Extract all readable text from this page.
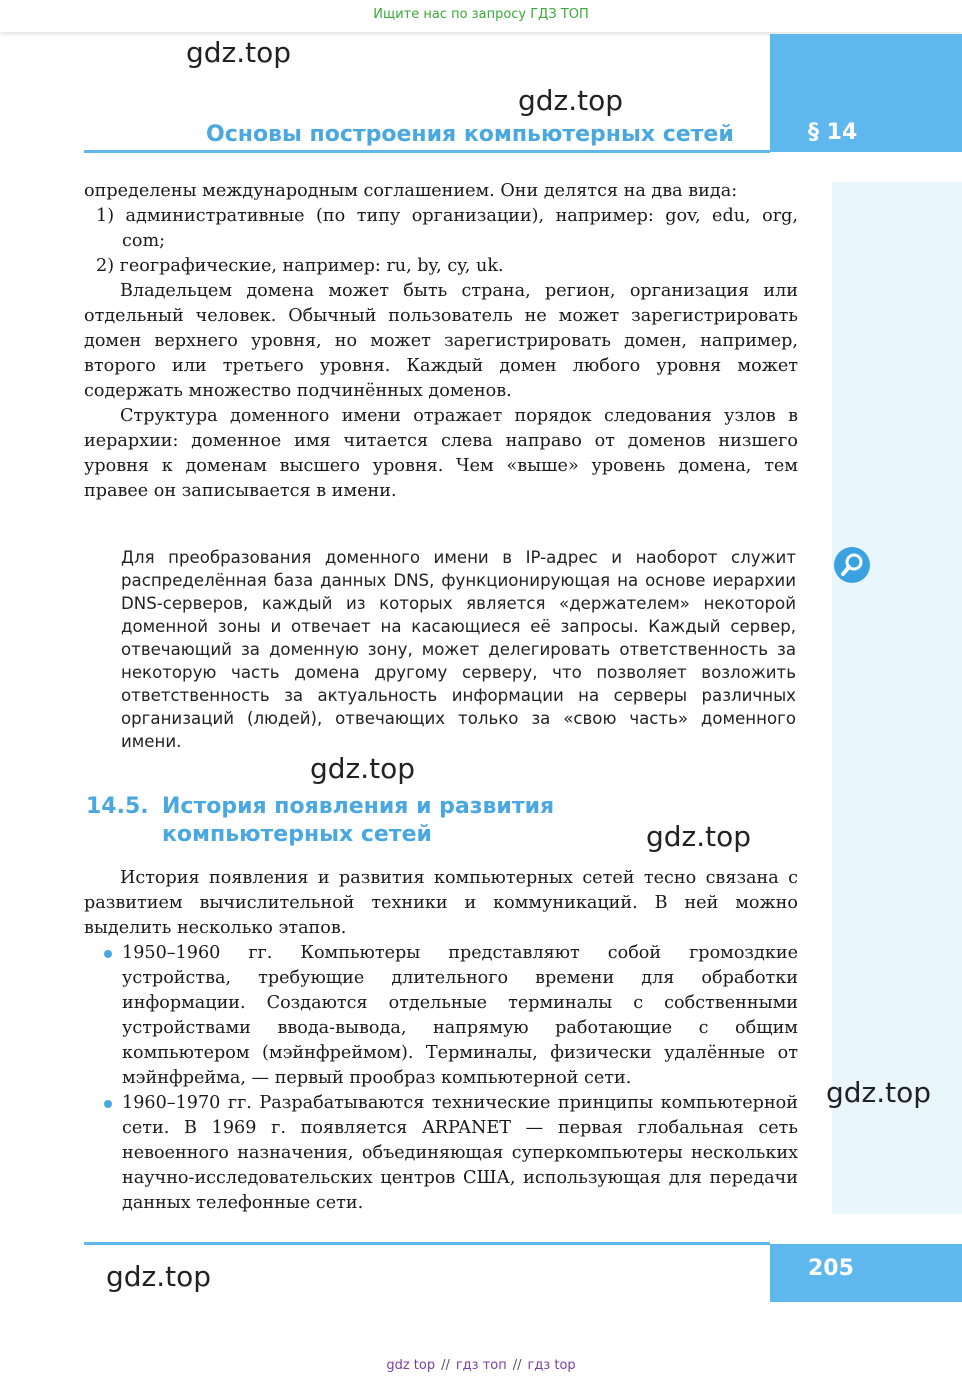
Ищите нас по запросу ГДЗ ТОП
§ 14
Основы построения компьютерных сетей
gdz.top
gdz.top
gdz.top
gdz.top
gdz.top
gdz.top

определены международным соглашением. Они делятся на два вида:

1) административные (по типу организации), например: gov, edu, org, com;

2) географические, например: ru, by, cy, uk.

Владельцем домена может быть страна, регион, организация или отдельный человек. Обычный пользователь не может зарегистрировать домен верхнего уровня, но может зарегистрировать домен, например, второго или третьего уровня. Каждый домен любого уровня может содержать множество подчинённых доменов.

Структура доменного имени отражает порядок следования узлов в иерархии: доменное имя читается слева направо от доменов низшего уровня к доменам высшего уровня. Чем «выше» уровень домена, тем правее он записывается в имени.

Для преобразования доменного имени в IP-адрес и наоборот служит распределённая база данных DNS, функционирующая на основе иерархии DNS-серверов, каждый из которых является «держателем» некоторой доменной зоны и отвечает на касающиеся её запросы. Каждый сервер, отвечающий за доменную зону, может делегировать ответственность за некоторую часть домена другому серверу, что позволяет возложить ответственность за актуальность информации на серверы различных организаций (людей), отвечающих только за «свою часть» доменного имени.

14.5. История появления и развития
компьютерных сетей

История появления и развития компьютерных сетей тесно связана с развитием вычислительной техники и коммуникаций. В ней можно выделить несколько этапов.

1950–1960 гг. Компьютеры представляют собой громоздкие устройства, требующие длительного времени для обработки информации. Создаются отдельные терминалы с собственными устройствами ввода-вывода, напрямую работающие с общим компьютером (мэйнфреймом). Терминалы, физически удалённые от мэйнфрейма, — первый прообраз компьютерной сети.

1960–1970 гг. Разрабатываются технические принципы компьютерной сети. В 1969 г. появляется ARPANET — первая глобальная сеть невоенного назначения, объединяющая суперкомпьютеры нескольких научно-исследовательских центров США, использующая для передачи данных телефонные сети.

205
gdz top // гдз топ // гдз top
